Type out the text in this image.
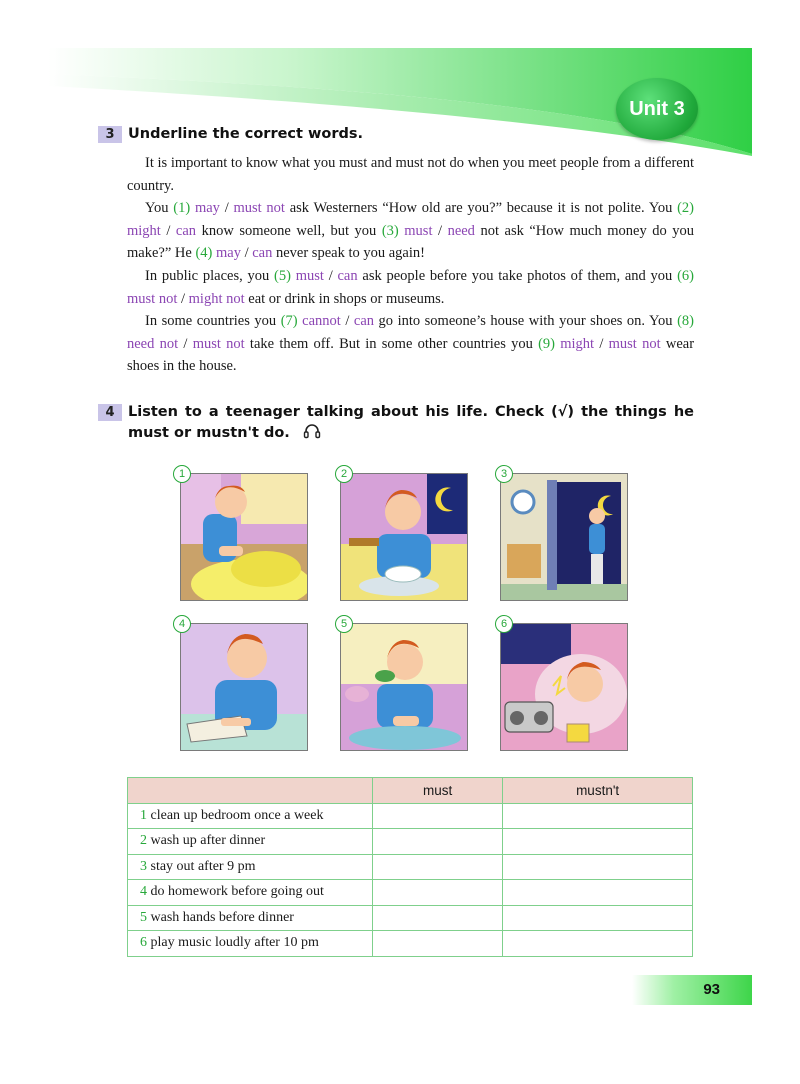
Unit 3
3 Underline the correct words.
It is important to know what you must and must not do when you meet people from a different country.
You (1) may / must not ask Westerners “How old are you?” because it is not polite. You (2) might / can know someone well, but you (3) must / need not ask “How much money do you make?” He (4) may / can never speak to you again!
In public places, you (5) must / can ask people before you take photos of them, and you (6) must not / might not eat or drink in shops or museums.
In some countries you (7) cannot / can go into someone’s house with your shoes on. You (8) need not / must not take them off. But in some other countries you (9) might / must not wear shoes in the house.
4 Listen to a teenager talking about his life. Check (√) the things he must or mustn't do.
1	2	3
4	5	6
	must	mustn't
1 clean up bedroom once a week		
2 wash up after dinner		
3 stay out after 9 pm		
4 do homework before going out		
5 wash hands before dinner		
6 play music loudly after 10 pm		
93
